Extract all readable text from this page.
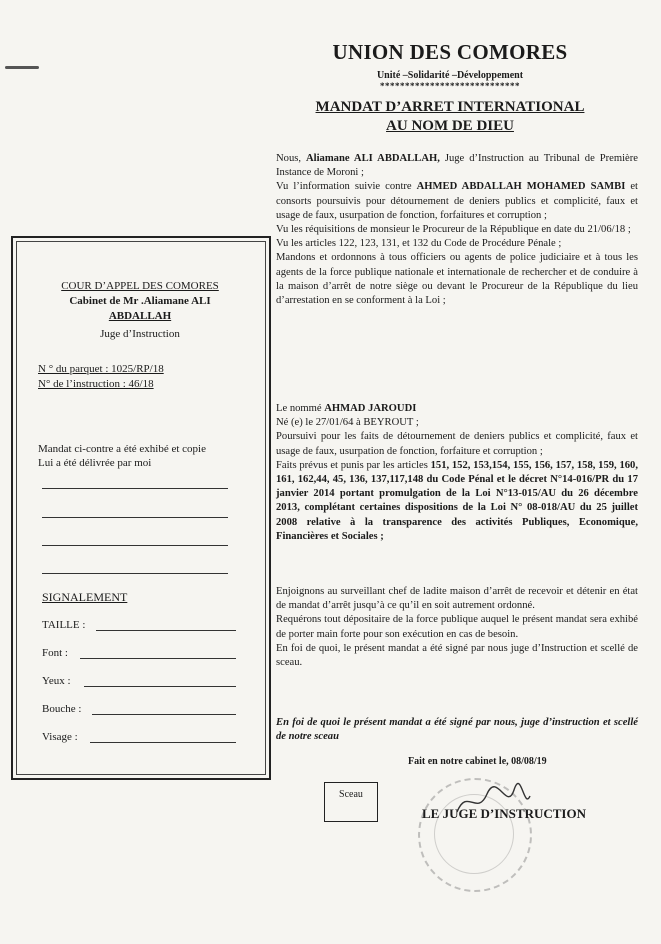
UNION DES COMORES
Unité –Solidarité –Développement
****************************
MANDAT D’ARRET INTERNATIONAL
AU NOM DE DIEU

Nous, Aliamane ALI ABDALLAH, Juge d’Instruction au Tribunal de Première Instance de Moroni ;

Vu l’information suivie contre AHMED ABDALLAH MOHAMED SAMBI et consorts poursuivis pour détournement de deniers publics et complicité, faux et usage de faux, usurpation de fonction, forfaitures et corruption ;

Vu les réquisitions de monsieur le Procureur de la République en date du 21/06/18 ;

Vu les articles 122, 123, 131, et 132 du Code de Procédure Pénale ;

Mandons et ordonnons à tous officiers ou agents de police judiciaire et à tous les agents de la force publique nationale et internationale de rechercher et de conduire à la maison d’arrêt de notre siège ou devant le Procureur de la République du lieu d’arrestation en se conforment à la Loi ;

Le nommé AHMAD JAROUDI

Né (e) le 27/01/64 à BEYROUT ;

Poursuivi pour les faits de détournement de deniers publics et complicité, faux et usage de faux, usurpation de fonction, forfaiture et corruption ;

Faits prévus et punis par les articles 151, 152, 153,154, 155, 156, 157, 158, 159, 160, 161, 162,44, 45, 136, 137,117,148 du Code Pénal et le décret N°14-016/PR du 17 janvier 2014 portant promulgation de la Loi N°13-015/AU du 26 décembre 2013, complétant certaines dispositions de la Loi N° 08-018/AU du 25 juillet 2008 relative à la transparence des activités Publiques, Economique, Financières et Sociales ;

Enjoignons au surveillant chef de ladite maison d’arrêt de recevoir et détenir en état de mandat d’arrêt jusqu’à ce qu’il en soit autrement ordonné.

Requérons tout dépositaire de la force publique auquel le présent mandat sera exhibé de porter main forte pour son exécution en cas de besoin.

En foi de quoi, le présent mandat a été signé par nous juge d’Instruction et scellé de sceau.

En foi de quoi le présent mandat a été signé par nous, juge d’instruction et scellé de notre sceau

Fait en notre cabinet le, 08/08/19
Sceau
LE JUGE D’INSTRUCTION
COUR D’APPEL DES COMORES
Cabinet de Mr .Aliamane ALI
ABDALLAH
Juge d’Instruction
N ° du parquet : 1025/RP/18
N° de l’instruction : 46/18
Mandat ci-contre a été exhibé et copie
Lui a été délivrée par moi
SIGNALEMENT
TAILLE :
Font :
Yeux :
Bouche :
Visage :
